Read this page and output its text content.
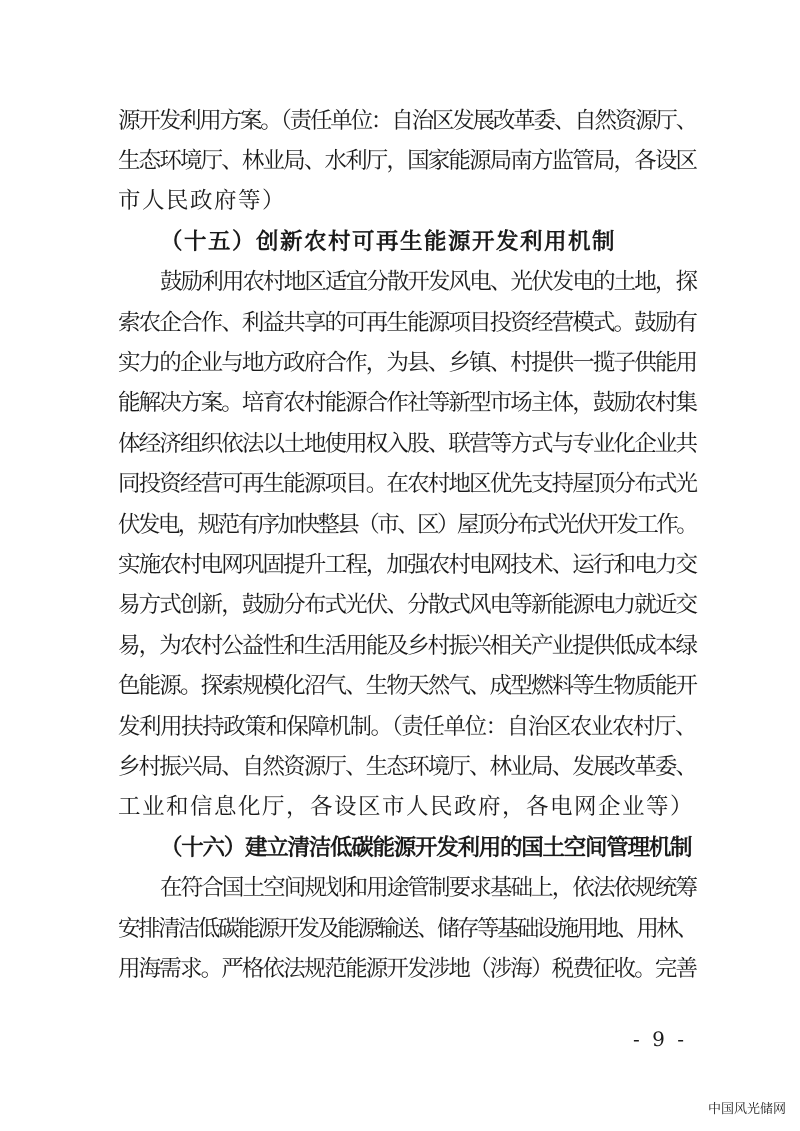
源开发利用方案。（责任单位：自治区发展改革委、自然资源厅、
生态环境厅、林业局、水利厅，国家能源局南方监管局，各设区
市人民政府等）
（十五）创新农村可再生能源开发利用机制
鼓励利用农村地区适宜分散开发风电、光伏发电的土地，探
索农企合作、利益共享的可再生能源项目投资经营模式。鼓励有
实力的企业与地方政府合作，为县、乡镇、村提供一揽子供能用
能解决方案。培育农村能源合作社等新型市场主体，鼓励农村集
体经济组织依法以土地使用权入股、联营等方式与专业化企业共
同投资经营可再生能源项目。在农村地区优先支持屋顶分布式光
伏发电，规范有序加快整县（市、区）屋顶分布式光伏开发工作。
实施农村电网巩固提升工程，加强农村电网技术、运行和电力交
易方式创新，鼓励分布式光伏、分散式风电等新能源电力就近交
易，为农村公益性和生活用能及乡村振兴相关产业提供低成本绿
色能源。探索规模化沼气、生物天然气、成型燃料等生物质能开
发利用扶持政策和保障机制。（责任单位：自治区农业农村厅、
乡村振兴局、自然资源厅、生态环境厅、林业局、发展改革委、
工业和信息化厅，各设区市人民政府，各电网企业等）
（十六）建立清洁低碳能源开发利用的国土空间管理机制
在符合国土空间规划和用途管制要求基础上，依法依规统筹
安排清洁低碳能源开发及能源输送、储存等基础设施用地、用林、
用海需求。严格依法规范能源开发涉地（涉海）税费征收。完善
- 9 -
中国风光储网
